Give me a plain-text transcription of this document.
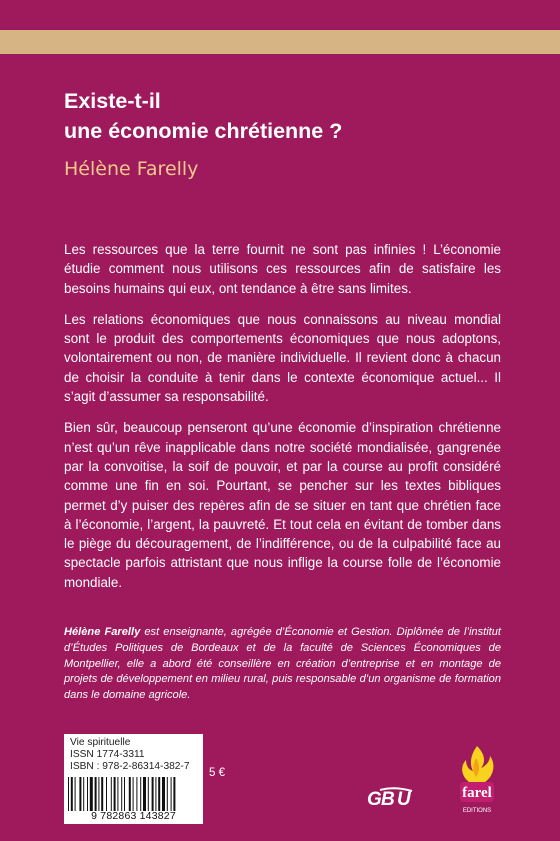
Existe-t-il
une économie chrétienne ?
Hélène Farelly

Les ressources que la terre fournit ne sont pas infinies ! L’économie étudie comment nous utilisons ces ressources afin de satisfaire les besoins humains qui eux, ont tendance à être sans limites.

Les relations économiques que nous connaissons au niveau mondial sont le produit des comportements économiques que nous adoptons, volontairement ou non, de manière individuelle. Il revient donc à chacun de choisir la conduite à tenir dans le contexte économique actuel... Il s’agit d’assumer sa responsabilité.

Bien sûr, beaucoup penseront qu’une économie d’inspiration chrétienne n’est qu’un rêve inapplicable dans notre société mondialisée, gangrenée par la convoitise, la soif de pouvoir, et par la course au profit considéré comme une fin en soi. Pourtant, se pencher sur les textes bibliques permet d’y puiser des repères afin de se situer en tant que chrétien face à l’économie, l’argent, la pauvreté. Et tout cela en évitant de tomber dans le piège du découragement, de l’indifférence, ou de la culpabilité face au spectacle parfois attristant que nous inflige la course folle de l’économie mondiale.

Hélène Farelly est enseignante, agrégée d’Économie et Gestion. Diplômée de l’institut d’Études Politiques de Bordeaux et de la faculté de Sciences Économiques de Montpellier, elle a abord été conseillère en création d’entreprise et en montage de projets de développement en milieu rural, puis responsable d’un organisme de formation dans le domaine agricole.
Vie spirituelle
ISSN 1774-3311
ISBN : 978-2-86314-382-7
9 782863 143827
5 €
G B U	farel
EDITIONS
